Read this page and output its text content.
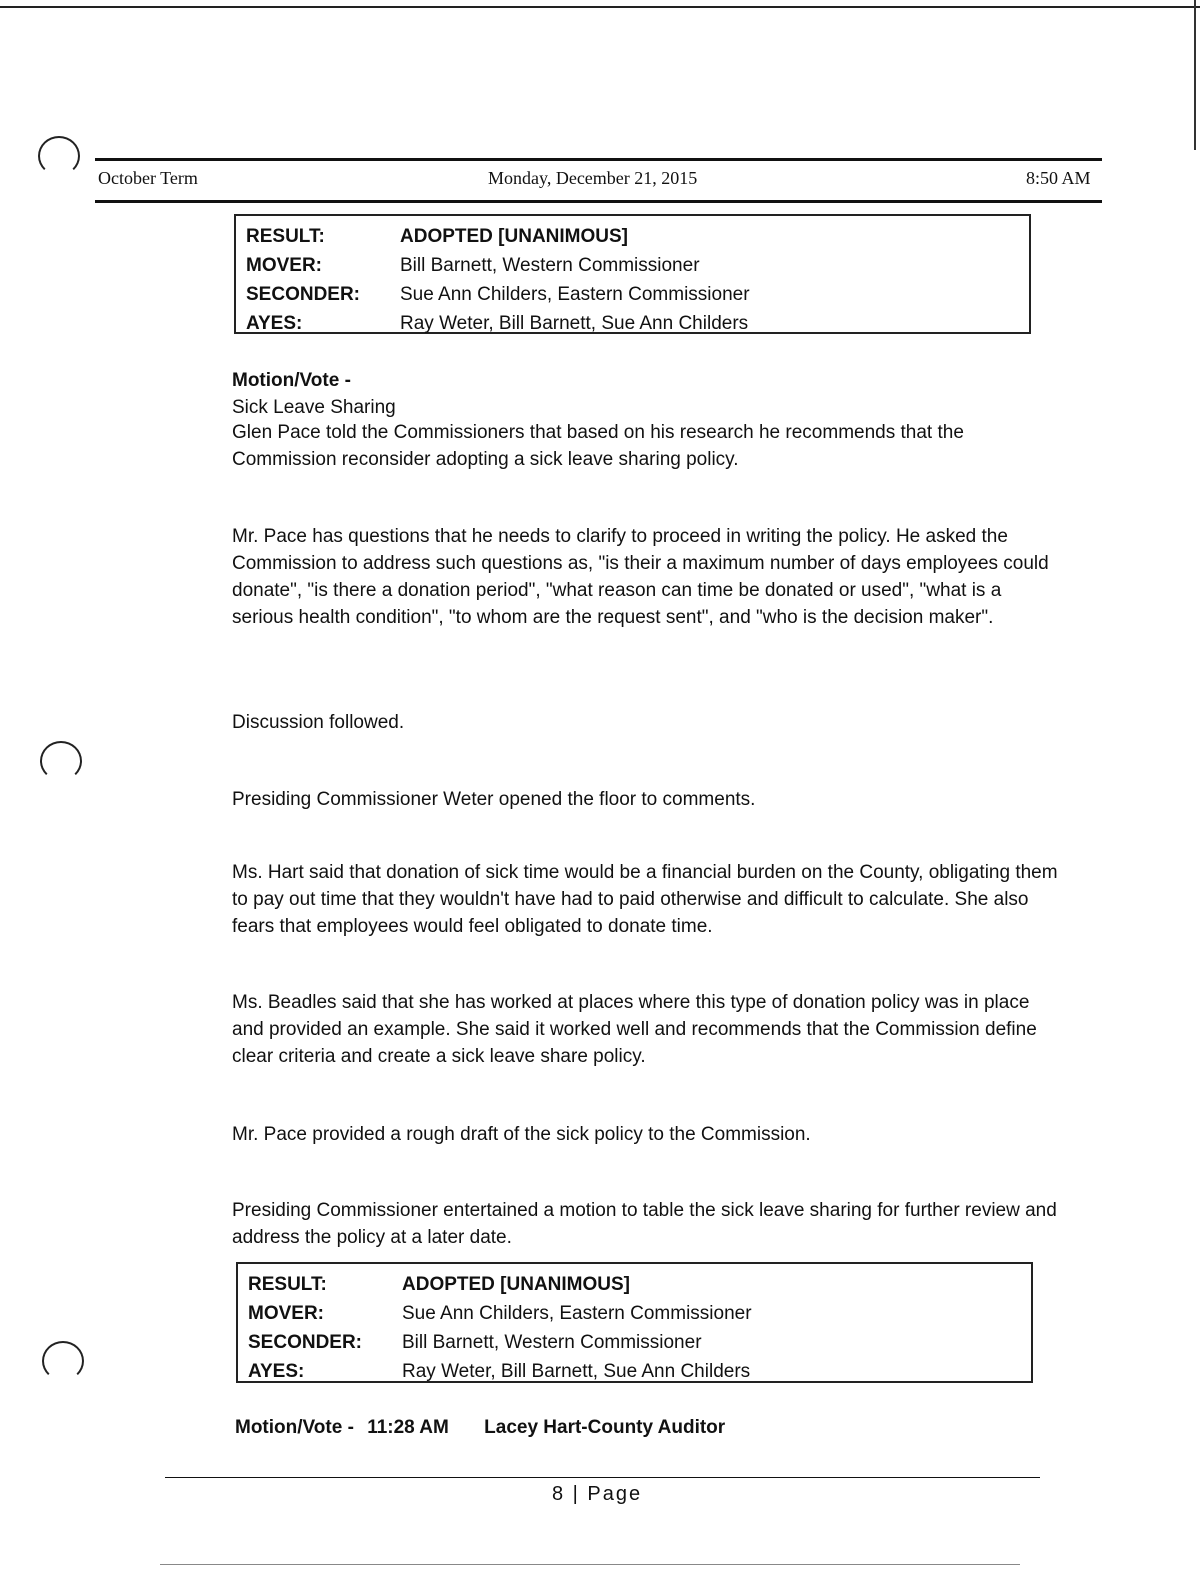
October Term	Monday, December 21, 2015	8:50 AM
RESULT:	ADOPTED [UNANIMOUS]
MOVER:	Bill Barnett, Western Commissioner
SECONDER:	Sue Ann Childers, Eastern Commissioner
AYES:	Ray Weter, Bill Barnett, Sue Ann Childers
Motion/Vote -
Sick Leave Sharing
Glen Pace told the Commissioners that based on his research he recommends that the Commission reconsider adopting a sick leave sharing policy.
Mr. Pace has questions that he needs to clarify to proceed in writing the policy. He asked the Commission to address such questions as, "is their a maximum number of days employees could donate", "is there a donation period", "what reason can time be donated or used", "what is a serious health condition", "to whom are the request sent", and "who is the decision maker".
Discussion followed.
Presiding Commissioner Weter opened the floor to comments.
Ms. Hart said that donation of sick time would be a financial burden on the County, obligating them to pay out time that they wouldn't have had to paid otherwise and difficult to calculate. She also fears that employees would feel obligated to donate time.
Ms. Beadles said that she has worked at places where this type of donation policy was in place and provided an example. She said it worked well and recommends that the Commission define clear criteria and create a sick leave share policy.
Mr. Pace provided a rough draft of the sick policy to the Commission.
Presiding Commissioner entertained a motion to table the sick leave sharing for further review and address the policy at a later date.
RESULT:	ADOPTED [UNANIMOUS]
MOVER:	Sue Ann Childers, Eastern Commissioner
SECONDER:	Bill Barnett, Western Commissioner
AYES:	Ray Weter, Bill Barnett, Sue Ann Childers
Motion/Vote - 11:28 AM Lacey Hart-County Auditor
8 | Page
